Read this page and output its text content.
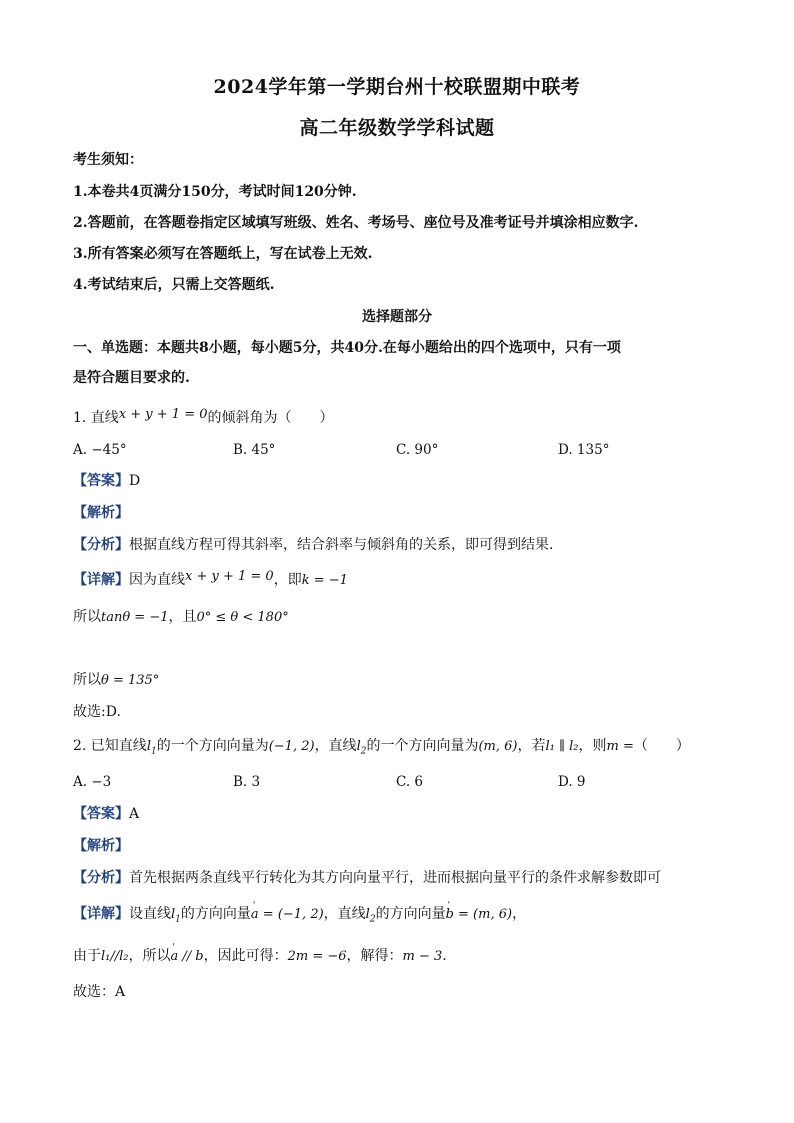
2024学年第一学期台州十校联盟期中联考
高二年级数学学科试题
考生须知：
1.本卷共4页满分150分，考试时间120分钟.
2.答题前，在答题卷指定区域填写班级、姓名、考场号、座位号及准考证号并填涂相应数字.
3.所有答案必须写在答题纸上，写在试卷上无效.
4.考试结束后，只需上交答题纸.
选择题部分
一、单选题：本题共8小题，每小题5分，共40分.在每小题给出的四个选项中，只有一项
是符合题目要求的.
1. 直线x + y + 1 = 0的倾斜角为（　　）
A. −45°	B. 45°	C. 90°	D. 135°
【答案】D
【解析】
【分析】根据直线方程可得其斜率，结合斜率与倾斜角的关系，即可得到结果.
【详解】因为直线x + y + 1 = 0，即k = −1
所以tanθ = −1，且0° ≤ θ < 180°
所以θ = 135°
故选:D.
2. 已知直线$l_1$的一个方向向量为(−1, 2)，直线$l_2$的一个方向向量为(m, 6)，若l₁ ∥ l₂，则m =（　　）
A. −3	B. 3	C. 6	D. 9
【答案】A
【解析】
【分析】首先根据两条直线平行转化为其方向向量平行，进而根据向量平行的条件求解参数即可
【详解】设直线$l_1$的方向向量' a = (−1, 2)，直线$l_2$的方向向量' b = (m, 6)，
由于l₁//l₂，所以' a // b，因此可得：2m = −6，解得：m − 3.
故选：A
